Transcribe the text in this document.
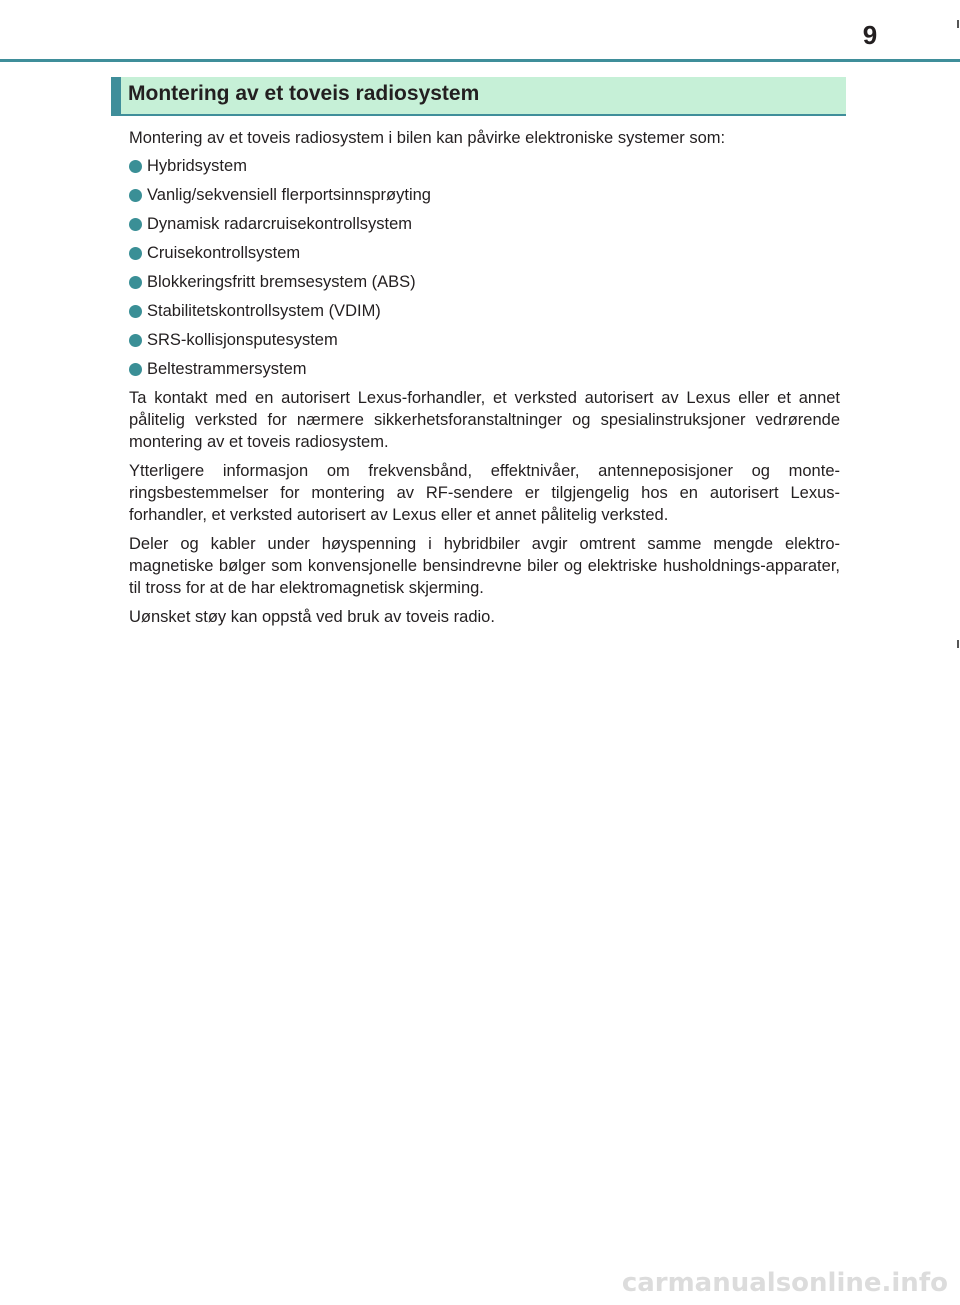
9
Montering av et toveis radiosystem

Montering av et toveis radiosystem i bilen kan påvirke elektroniske systemer som:

Hybridsystem
Vanlig/sekvensiell flerportsinnsprøyting
Dynamisk radarcruisekontrollsystem
Cruisekontrollsystem
Blokkeringsfritt bremsesystem (ABS)
Stabilitetskontrollsystem (VDIM)
SRS-kollisjonsputesystem
Beltestrammersystem

Ta kontakt med en autorisert Lexus-forhandler, et verksted autorisert av Lexus eller et annet pålitelig verksted for nærmere sikkerhetsforanstaltninger og spesialinstruksjoner vedrørende montering av et toveis radiosystem.

Ytterligere informasjon om frekvensbånd, effektnivåer, antenneposisjoner og monte-ringsbestemmelser for montering av RF-sendere er tilgjengelig hos en autorisert Lexus-forhandler, et verksted autorisert av Lexus eller et annet pålitelig verksted.

Deler og kabler under høyspenning i hybridbiler avgir omtrent samme mengde elektro-magnetiske bølger som konvensjonelle bensindrevne biler og elektriske husholdnings-apparater, til tross for at de har elektromagnetisk skjerming.

Uønsket støy kan oppstå ved bruk av toveis radio.

carmanualsonline.info
